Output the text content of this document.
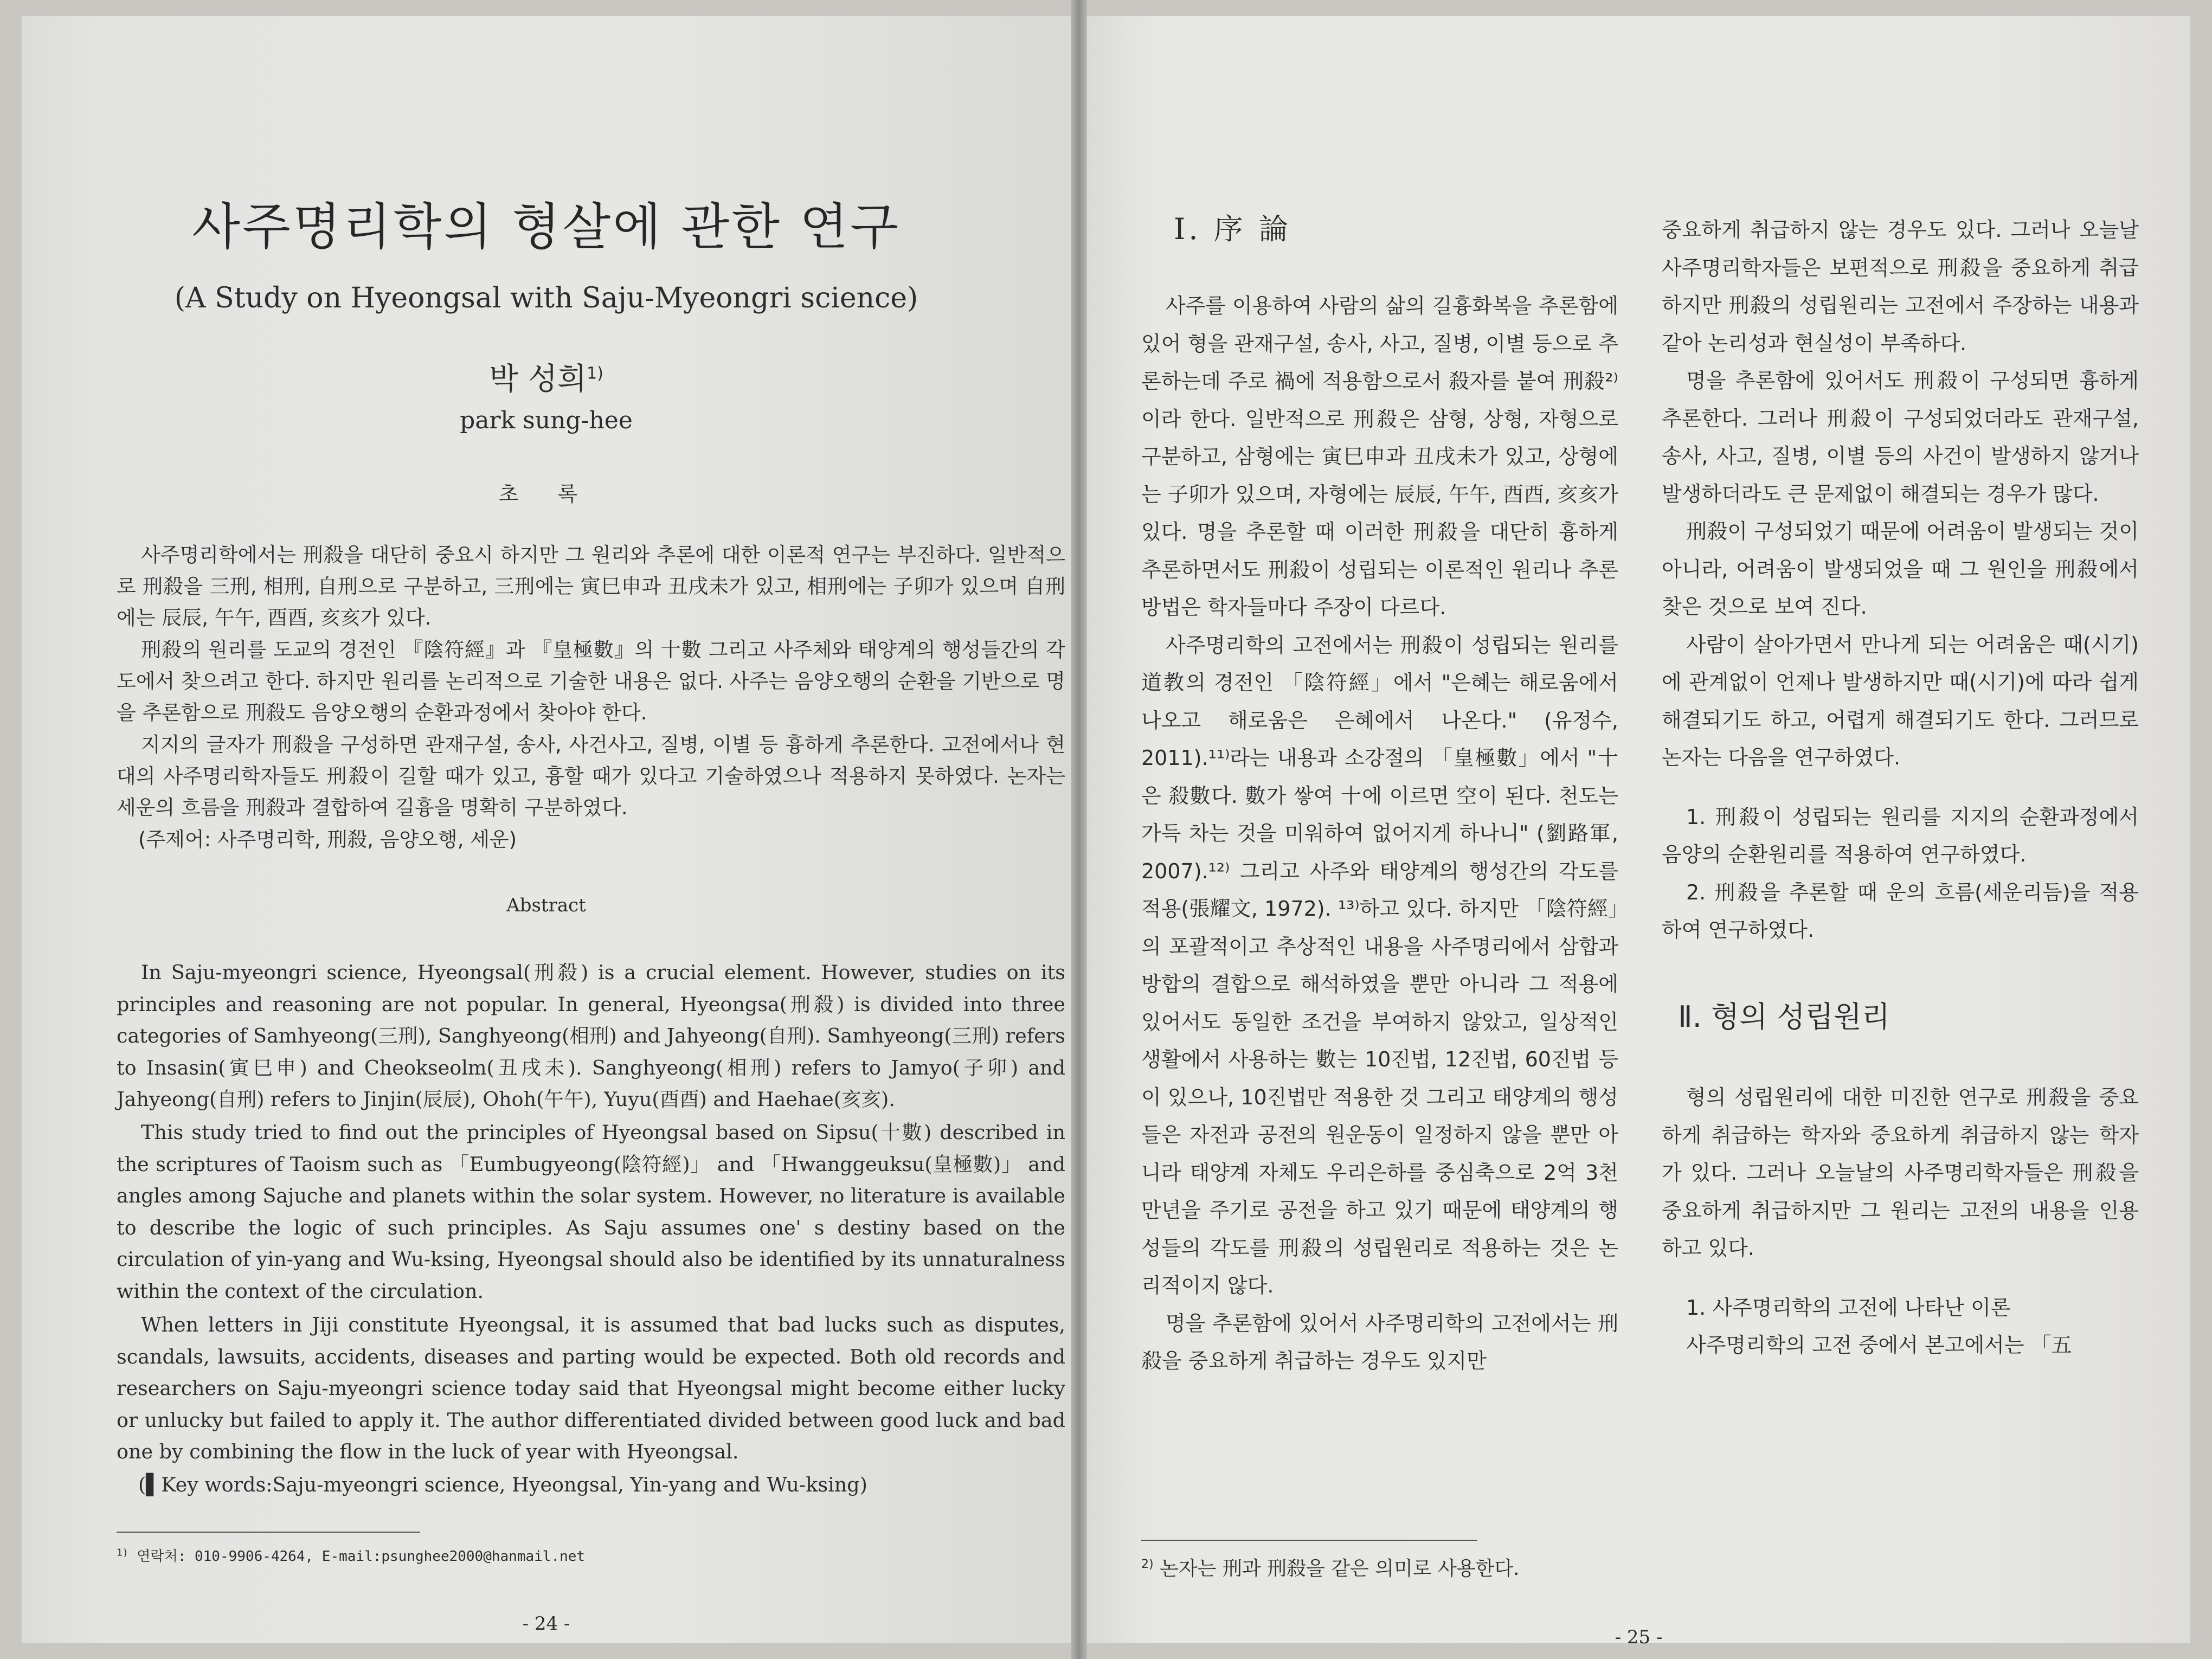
사주명리학의 형살에 관한 연구
(A Study on Hyeongsal with Saju-Myeongri science)
박 성희$^{1)}$
park sung-hee
초 록

사주명리학에서는 刑殺을 대단히 중요시 하지만 그 원리와 추론에 대한 이론적 연구는 부진하다. 일반적으로 刑殺을 三刑, 相刑, 自刑으로 구분하고, 三刑에는 寅巳申과 丑戌未가 있고, 相刑에는 子卯가 있으며 自刑에는 辰辰, 午午, 酉酉, 亥亥가 있다.

刑殺의 원리를 도교의 경전인 『陰符經』과 『皇極數』의 十數 그리고 사주체와 태양계의 행성들간의 각도에서 찾으려고 한다. 하지만 원리를 논리적으로 기술한 내용은 없다. 사주는 음양오행의 순환을 기반으로 명을 추론함으로 刑殺도 음양오행의 순환과정에서 찾아야 한다.

지지의 글자가 刑殺을 구성하면 관재구설, 송사, 사건사고, 질병, 이별 등 흉하게 추론한다. 고전에서나 현대의 사주명리학자들도 刑殺이 길할 때가 있고, 흉할 때가 있다고 기술하였으나 적용하지 못하였다. 논자는 세운의 흐름을 刑殺과 결합하여 길흉을 명확히 구분하였다.

(주제어: 사주명리학, 刑殺, 음양오행, 세운)

Abstract

In Saju-myeongri science, Hyeongsal(刑殺) is a crucial element. However, studies on its principles and reasoning are not popular. In general, Hyeongsa(刑殺) is divided into three categories of Samhyeong(三刑), Sanghyeong(相刑) and Jahyeong(自刑). Samhyeong(三刑) refers to Insasin(寅巳申) and Cheokseolm(丑戌未). Sanghyeong(相刑) refers to Jamyo(子卯) and Jahyeong(自刑) refers to Jinjin(辰辰), Ohoh(午午), Yuyu(酉酉) and Haehae(亥亥).

This study tried to find out the principles of Hyeongsal based on Sipsu(十數) described in the scriptures of Taoism such as 「Eumbugyeong(陰符經)」 and 「Hwanggeuksu(皇極數)」 and angles among Sajuche and planets within the solar system. However, no literature is available to describe the logic of such principles. As Saju assumes one' s destiny based on the circulation of yin-yang and Wu-ksing, Hyeongsal should also be identified by its unnaturalness within the context of the circulation.

When letters in Jiji constitute Hyeongsal, it is assumed that bad lucks such as disputes, scandals, lawsuits, accidents, diseases and parting would be expected. Both old records and researchers on Saju-myeongri science today said that Hyeongsal might become either lucky or unlucky but failed to apply it. The author differentiated divided between good luck and bad one by combining the flow in the luck of year with Hyeongsal.

(▌Key words:Saju-myeongri science, Hyeongsal, Yin-yang and Wu-ksing)

$^{1)}$ 연락처: 010-9906-4264, E-mail:psunghee2000@hanmail.net
- 24 -
Ⅰ. 序 論

사주를 이용하여 사람의 삶의 길흉화복을 추론함에 있어 형을 관재구설, 송사, 사고, 질병, 이별 등으로 추론하는데 주로 禍에 적용함으로서 殺자를 붙여 刑殺²⁾이라 한다. 일반적으로 刑殺은 삼형, 상형, 자형으로 구분하고, 삼형에는 寅巳申과 丑戌未가 있고, 상형에는 子卯가 있으며, 자형에는 辰辰, 午午, 酉酉, 亥亥가 있다. 명을 추론할 때 이러한 刑殺을 대단히 흉하게 추론하면서도 刑殺이 성립되는 이론적인 원리나 추론방법은 학자들마다 주장이 다르다.

사주명리학의 고전에서는 刑殺이 성립되는 원리를 道教의 경전인 「陰符經」에서 "은혜는 해로움에서 나오고 해로움은 은혜에서 나온다." (유정수, 2011).¹¹⁾라는 내용과 소강절의 「皇極數」에서 "十은 殺數다. 數가 쌓여 十에 이르면 空이 된다. 천도는 가득 차는 것을 미워하여 없어지게 하나니" (劉路軍, 2007).¹²⁾ 그리고 사주와 태양계의 행성간의 각도를 적용(張耀文, 1972). ¹³⁾하고 있다. 하지만 「陰符經」의 포괄적이고 추상적인 내용을 사주명리에서 삼합과 방합의 결합으로 해석하였을 뿐만 아니라 그 적용에 있어서도 동일한 조건을 부여하지 않았고, 일상적인 생활에서 사용하는 數는 10진법, 12진법, 60진법 등이 있으나, 10진법만 적용한 것 그리고 태양계의 행성들은 자전과 공전의 원운동이 일정하지 않을 뿐만 아니라 태양계 자체도 우리은하를 중심축으로 2억 3천만년을 주기로 공전을 하고 있기 때문에 태양계의 행성들의 각도를 刑殺의 성립원리로 적용하는 것은 논리적이지 않다.

명을 추론함에 있어서 사주명리학의 고전에서는 刑殺을 중요하게 취급하는 경우도 있지만

중요하게 취급하지 않는 경우도 있다. 그러나 오늘날 사주명리학자들은 보편적으로 刑殺을 중요하게 취급하지만 刑殺의 성립원리는 고전에서 주장하는 내용과 같아 논리성과 현실성이 부족하다.

명을 추론함에 있어서도 刑殺이 구성되면 흉하게 추론한다. 그러나 刑殺이 구성되었더라도 관재구설, 송사, 사고, 질병, 이별 등의 사건이 발생하지 않거나 발생하더라도 큰 문제없이 해결되는 경우가 많다.

刑殺이 구성되었기 때문에 어려움이 발생되는 것이 아니라, 어려움이 발생되었을 때 그 원인을 刑殺에서 찾은 것으로 보여 진다.

사람이 살아가면서 만나게 되는 어려움은 때(시기)에 관계없이 언제나 발생하지만 때(시기)에 따라 쉽게 해결되기도 하고, 어렵게 해결되기도 한다. 그러므로 논자는 다음을 연구하였다.

1. 刑殺이 성립되는 원리를 지지의 순환과정에서 음양의 순환원리를 적용하여 연구하였다.

2. 刑殺을 추론할 때 운의 흐름(세운리듬)을 적용하여 연구하였다.

Ⅱ. 형의 성립원리

형의 성립원리에 대한 미진한 연구로 刑殺을 중요하게 취급하는 학자와 중요하게 취급하지 않는 학자가 있다. 그러나 오늘날의 사주명리학자들은 刑殺을 중요하게 취급하지만 그 원리는 고전의 내용을 인용하고 있다.

1. 사주명리학의 고전에 나타난 이론

사주명리학의 고전 중에서 본고에서는 「五

$^{2)}$ 논자는 刑과 刑殺을 같은 의미로 사용한다.
- 25 -
